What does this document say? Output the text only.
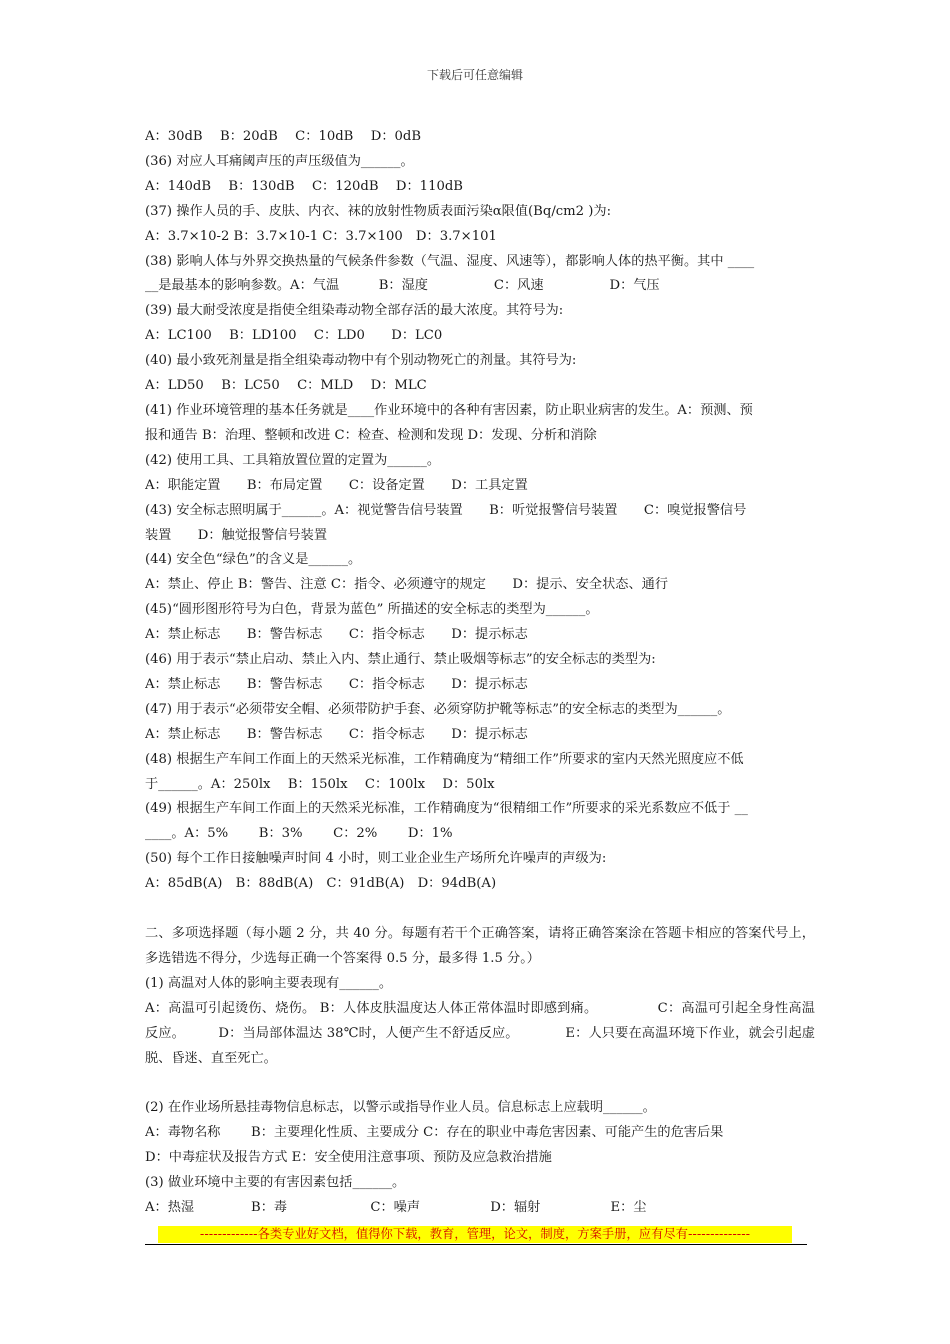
下载后可任意编辑
A：30dB　 B：20dB　 C：10dB　 D：0dB
(36) 对应人耳痛阈声压的声压级值为______。
A：140dB　 B：130dB　 C：120dB　 D：110dB
(37) 操作人员的手、皮肤、内衣、袜的放射性物质表面污染α限值(Bq/cm2 )为:
A：3.7×10-2 B：3.7×10-1 C：3.7×100　D：3.7×101
(38) 影响人体与外界交换热量的气候条件参数（气温、湿度、风速等），都影响人体的热平衡。其中 ____
__是最基本的影响参数。A：气温　　　B：湿度　　　　　C：风速　　　　　D：气压
(39) 最大耐受浓度是指使全组染毒动物全部存活的最大浓度。其符号为:
A：LC100　 B：LD100　 C：LD0　　D：LC0
(40) 最小致死剂量是指全组染毒动物中有个别动物死亡的剂量。其符号为:
A：LD50　 B：LC50　 C：MLD　 D：MLC
(41) 作业环境管理的基本任务就是____作业环境中的各种有害因素，防止职业病害的发生。A：预测、预
报和通告 B：治理、整顿和改进 C：检查、检测和发现 D：发现、分析和消除
(42) 使用工具、工具箱放置位置的定置为______。
A：职能定置　　B：布局定置　　C：设备定置　　D：工具定置
(43) 安全标志照明属于______。A：视觉警告信号装置　　B：听觉报警信号装置　　C：嗅觉报警信号
装置　　D：触觉报警信号装置
(44) 安全色“绿色”的含义是______。
A：禁止、停止 B：警告、注意 C：指令、必须遵守的规定　　D：提示、安全状态、通行
(45)“圆形图形符号为白色，背景为蓝色” 所描述的安全标志的类型为______。
A：禁止标志　　B：警告标志　　C：指令标志　　D：提示标志
(46) 用于表示“禁止启动、禁止入内、禁止通行、禁止吸烟等标志”的安全标志的类型为:
A：禁止标志　　B：警告标志　　C：指令标志　　D：提示标志
(47) 用于表示“必须带安全帽、必须带防护手套、必须穿防护靴等标志”的安全标志的类型为______。
A：禁止标志　　B：警告标志　　C：指令标志　　D：提示标志
(48) 根据生产车间工作面上的天然采光标准，工作精确度为“精细工作”所要求的室内天然光照度应不低
于______。A：250lx　 B：150lx　 C：100lx　 D：50lx
(49) 根据生产车间工作面上的天然采光标准，工作精确度为“很精细工作”所要求的采光系数应不低于 __
____。A：5%　　 B：3%　　 C：2%　　 D：1%
(50) 每个工作日接触噪声时间 4 小时，则工业企业生产场所允许噪声的声级为:
A：85dB(A)　B：88dB(A)　C：91dB(A)　D：94dB(A)
二、多项选择题（每小题 2 分，共 40 分。每题有若干个正确答案，请将正确答案涂在答题卡相应的答案代号上，多选错选不得分，少选每正确一个答案得 0.5 分，最多得 1.5 分。）
(1) 高温对人体的影响主要表现有______。
A：高温可引起烫伤、烧伤。 B：人体皮肤温度达人体正常体温时即感到痛。　　　　　C：高温可引起全身性高温反应。　　　D：当局部体温达 38℃时，人便产生不舒适反应。　　　　E：人只要在高温环境下作业，就会引起虚脱、昏迷、直至死亡。
(2) 在作业场所悬挂毒物信息标志，以警示或指导作业人员。信息标志上应载明______。
A：毒物名称　　 B：主要理化性质、主要成分 C：存在的职业中毒危害因素、可能产生的危害后果
D：中毒症状及报告方式 E：安全使用注意事项、预防及应急救治措施
(3) 做业环境中主要的有害因素包括______。
A：热湿　　　　 B：毒　　　　　　 C：噪声　　　　　 D：辐射　　　　　 E：尘
-------------各类专业好文档，值得你下载，教育，管理，论文，制度，方案手册，应有尽有--------------
